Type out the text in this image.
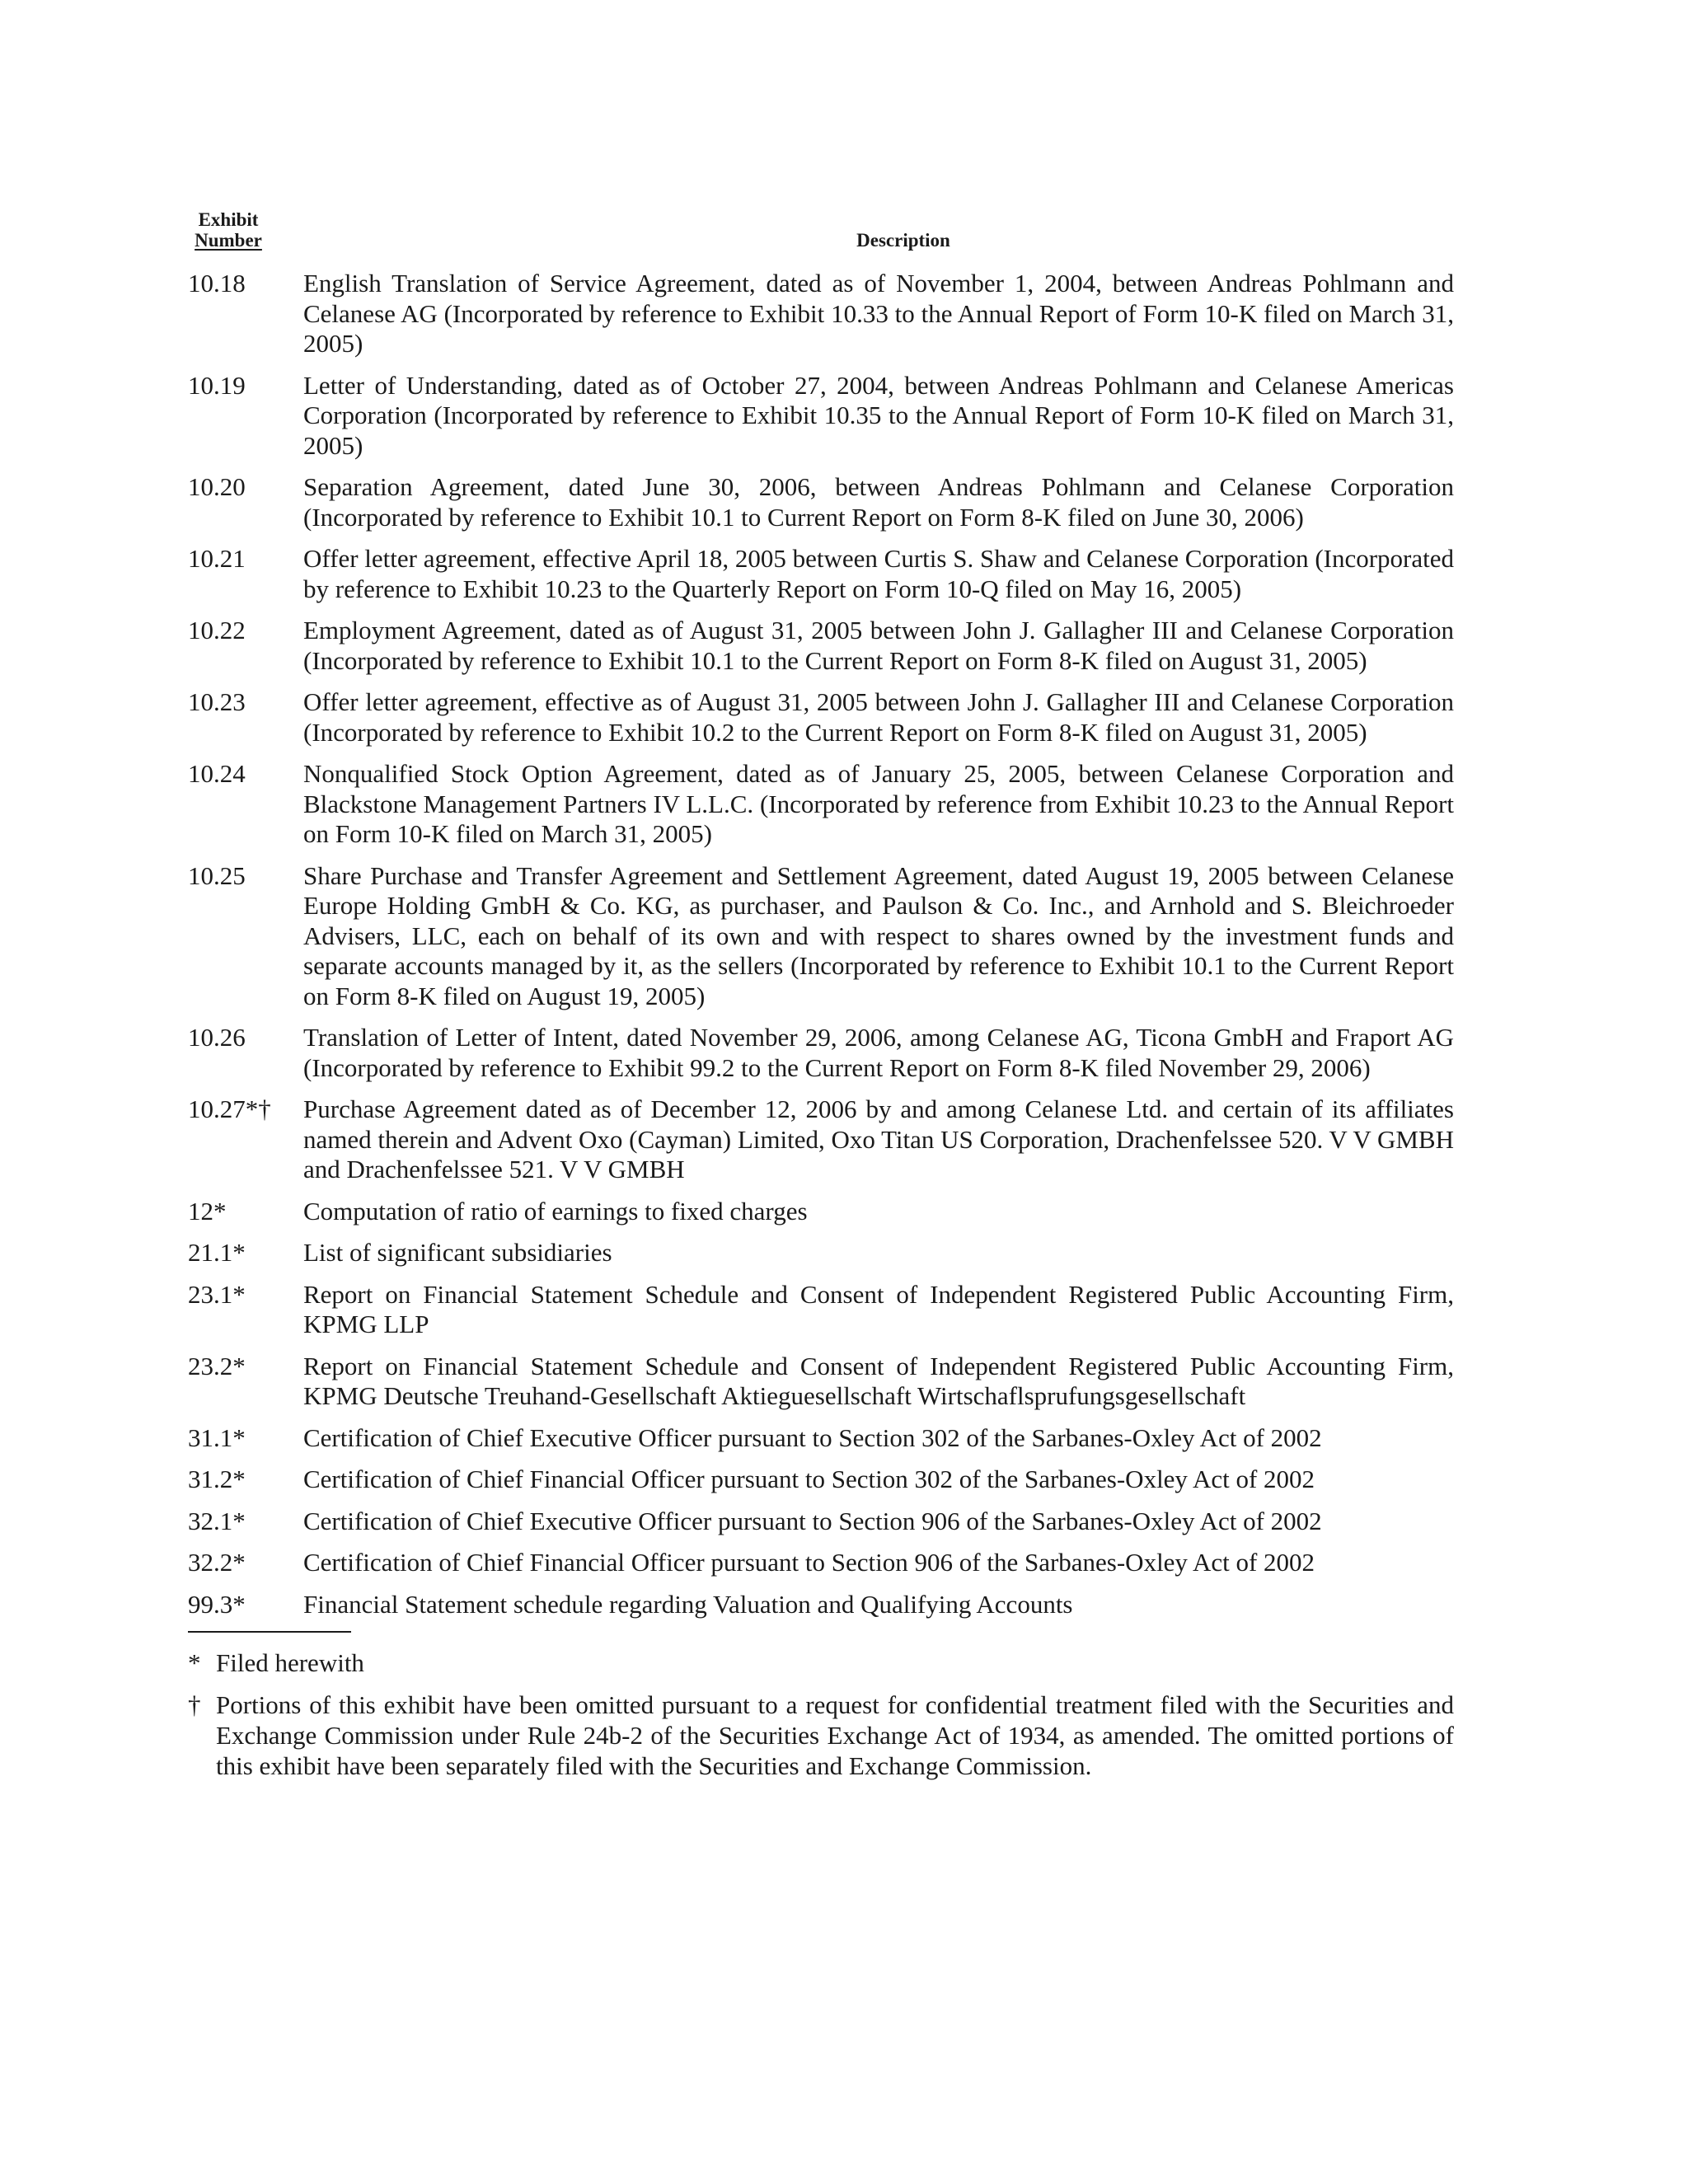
Exhibit
Number	Description
10.18	English Translation of Service Agreement, dated as of November 1, 2004, between Andreas Pohlmann and Celanese AG (Incorporated by reference to Exhibit 10.33 to the Annual Report of Form 10-K filed on March 31, 2005)
10.19	Letter of Understanding, dated as of October 27, 2004, between Andreas Pohlmann and Celanese Americas Corporation (Incorporated by reference to Exhibit 10.35 to the Annual Report of Form 10-K filed on March 31, 2005)
10.20	Separation Agreement, dated June 30, 2006, between Andreas Pohlmann and Celanese Corporation (Incorporated by reference to Exhibit 10.1 to Current Report on Form 8-K filed on June 30, 2006)
10.21	Offer letter agreement, effective April 18, 2005 between Curtis S. Shaw and Celanese Corporation (Incorporated by reference to Exhibit 10.23 to the Quarterly Report on Form 10-Q filed on May 16, 2005)
10.22	Employment Agreement, dated as of August 31, 2005 between John J. Gallagher III and Celanese Corporation (Incorporated by reference to Exhibit 10.1 to the Current Report on Form 8-K filed on August 31, 2005)
10.23	Offer letter agreement, effective as of August 31, 2005 between John J. Gallagher III and Celanese Corporation (Incorporated by reference to Exhibit 10.2 to the Current Report on Form 8-K filed on August 31, 2005)
10.24	Nonqualified Stock Option Agreement, dated as of January 25, 2005, between Celanese Corporation and Blackstone Management Partners IV L.L.C. (Incorporated by reference from Exhibit 10.23 to the Annual Report on Form 10-K filed on March 31, 2005)
10.25	Share Purchase and Transfer Agreement and Settlement Agreement, dated August 19, 2005 between Celanese Europe Holding GmbH & Co. KG, as purchaser, and Paulson & Co. Inc., and Arnhold and S. Bleichroeder Advisers, LLC, each on behalf of its own and with respect to shares owned by the investment funds and separate accounts managed by it, as the sellers (Incorporated by reference to Exhibit 10.1 to the Current Report on Form 8-K filed on August 19, 2005)
10.26	Translation of Letter of Intent, dated November 29, 2006, among Celanese AG, Ticona GmbH and Fraport AG (Incorporated by reference to Exhibit 99.2 to the Current Report on Form 8-K filed November 29, 2006)
10.27*†	Purchase Agreement dated as of December 12, 2006 by and among Celanese Ltd. and certain of its affiliates named therein and Advent Oxo (Cayman) Limited, Oxo Titan US Corporation, Drachenfelssee 520. V V GMBH and Drachenfelssee 521. V V GMBH
12*	Computation of ratio of earnings to fixed charges
21.1*	List of significant subsidiaries
23.1*	Report on Financial Statement Schedule and Consent of Independent Registered Public Accounting Firm, KPMG LLP
23.2*	Report on Financial Statement Schedule and Consent of Independent Registered Public Accounting Firm, KPMG Deutsche Treuhand-Gesellschaft Aktieguesellschaft Wirtschaflsprufungsgesellschaft
31.1*	Certification of Chief Executive Officer pursuant to Section 302 of the Sarbanes-Oxley Act of 2002
31.2*	Certification of Chief Financial Officer pursuant to Section 302 of the Sarbanes-Oxley Act of 2002
32.1*	Certification of Chief Executive Officer pursuant to Section 906 of the Sarbanes-Oxley Act of 2002
32.2*	Certification of Chief Financial Officer pursuant to Section 906 of the Sarbanes-Oxley Act of 2002
99.3*	Financial Statement schedule regarding Valuation and Qualifying Accounts
* Filed herewith
† Portions of this exhibit have been omitted pursuant to a request for confidential treatment filed with the Securities and Exchange Commission under Rule 24b-2 of the Securities Exchange Act of 1934, as amended. The omitted portions of this exhibit have been separately filed with the Securities and Exchange Commission.
